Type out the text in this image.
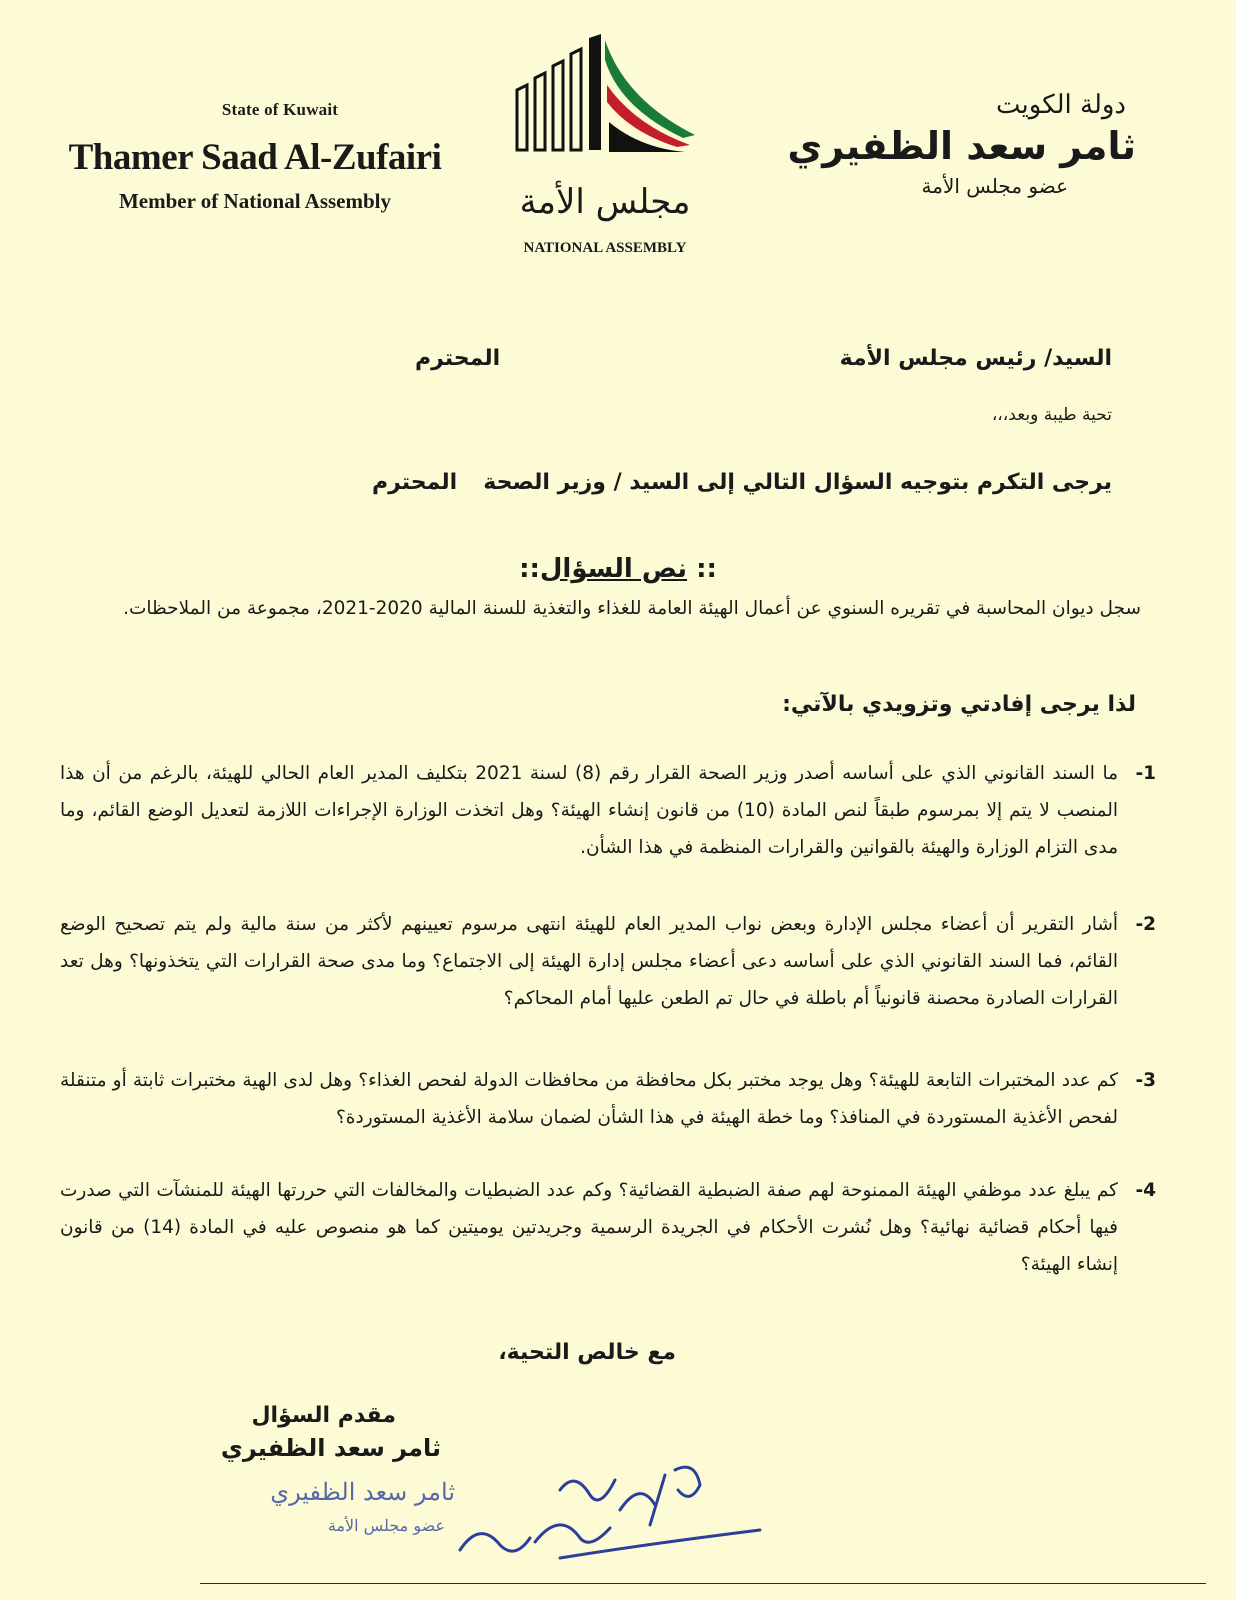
State of Kuwait
Thamer Saad Al-Zufairi
Member of National Assembly	مجلس الأمة
NATIONAL ASSEMBLY
دولة الكويت
ثامر سعد الظفيري
عضو مجلس الأمة
السيد/ رئيس مجلس الأمة
المحترم
تحية طيبة وبعد،،،
يرجى التكرم بتوجيه السؤال التالي إلى السيد / وزير الصحة
المحترم
:: نص السؤال::
سجل ديوان المحاسبة في تقريره السنوي عن أعمال الهيئة العامة للغذاء والتغذية للسنة المالية 2020-2021، مجموعة من الملاحظات.
لذا يرجى إفادتي وتزويدي بالآتي:
1-
ما السند القانوني الذي على أساسه أصدر وزير الصحة القرار رقم (8) لسنة 2021 بتكليف المدير العام الحالي للهيئة، بالرغم من أن هذا المنصب لا يتم إلا بمرسوم طبقاً لنص المادة (10) من قانون إنشاء الهيئة؟ وهل اتخذت الوزارة الإجراءات اللازمة لتعديل الوضع القائم، وما مدى التزام الوزارة والهيئة بالقوانين والقرارات المنظمة في هذا الشأن.
2-
أشار التقرير أن أعضاء مجلس الإدارة وبعض نواب المدير العام للهيئة انتهى مرسوم تعيينهم لأكثر من سنة مالية ولم يتم تصحيح الوضع القائم، فما السند القانوني الذي على أساسه دعى أعضاء مجلس إدارة الهيئة إلى الاجتماع؟ وما مدى صحة القرارات التي يتخذونها؟ وهل تعد القرارات الصادرة محصنة قانونياً أم باطلة في حال تم الطعن عليها أمام المحاكم؟
3-
كم عدد المختبرات التابعة للهيئة؟ وهل يوجد مختبر بكل محافظة من محافظات الدولة لفحص الغذاء؟ وهل لدى الهية مختبرات ثابتة أو متنقلة لفحص الأغذية المستوردة في المنافذ؟ وما خطة الهيئة في هذا الشأن لضمان سلامة الأغذية المستوردة؟
4-
كم يبلغ عدد موظفي الهيئة الممنوحة لهم صفة الضبطية القضائية؟ وكم عدد الضبطيات والمخالفات التي حررتها الهيئة للمنشآت التي صدرت فيها أحكام قضائية نهائية؟ وهل نُشرت الأحكام في الجريدة الرسمية وجريدتين يوميتين كما هو منصوص عليه في المادة (14) من قانون إنشاء الهيئة؟
مع خالص التحية،
مقدم السؤال
ثامر سعد الظفيري
ثامر سعد الظفيري
عضو مجلس الأمة
